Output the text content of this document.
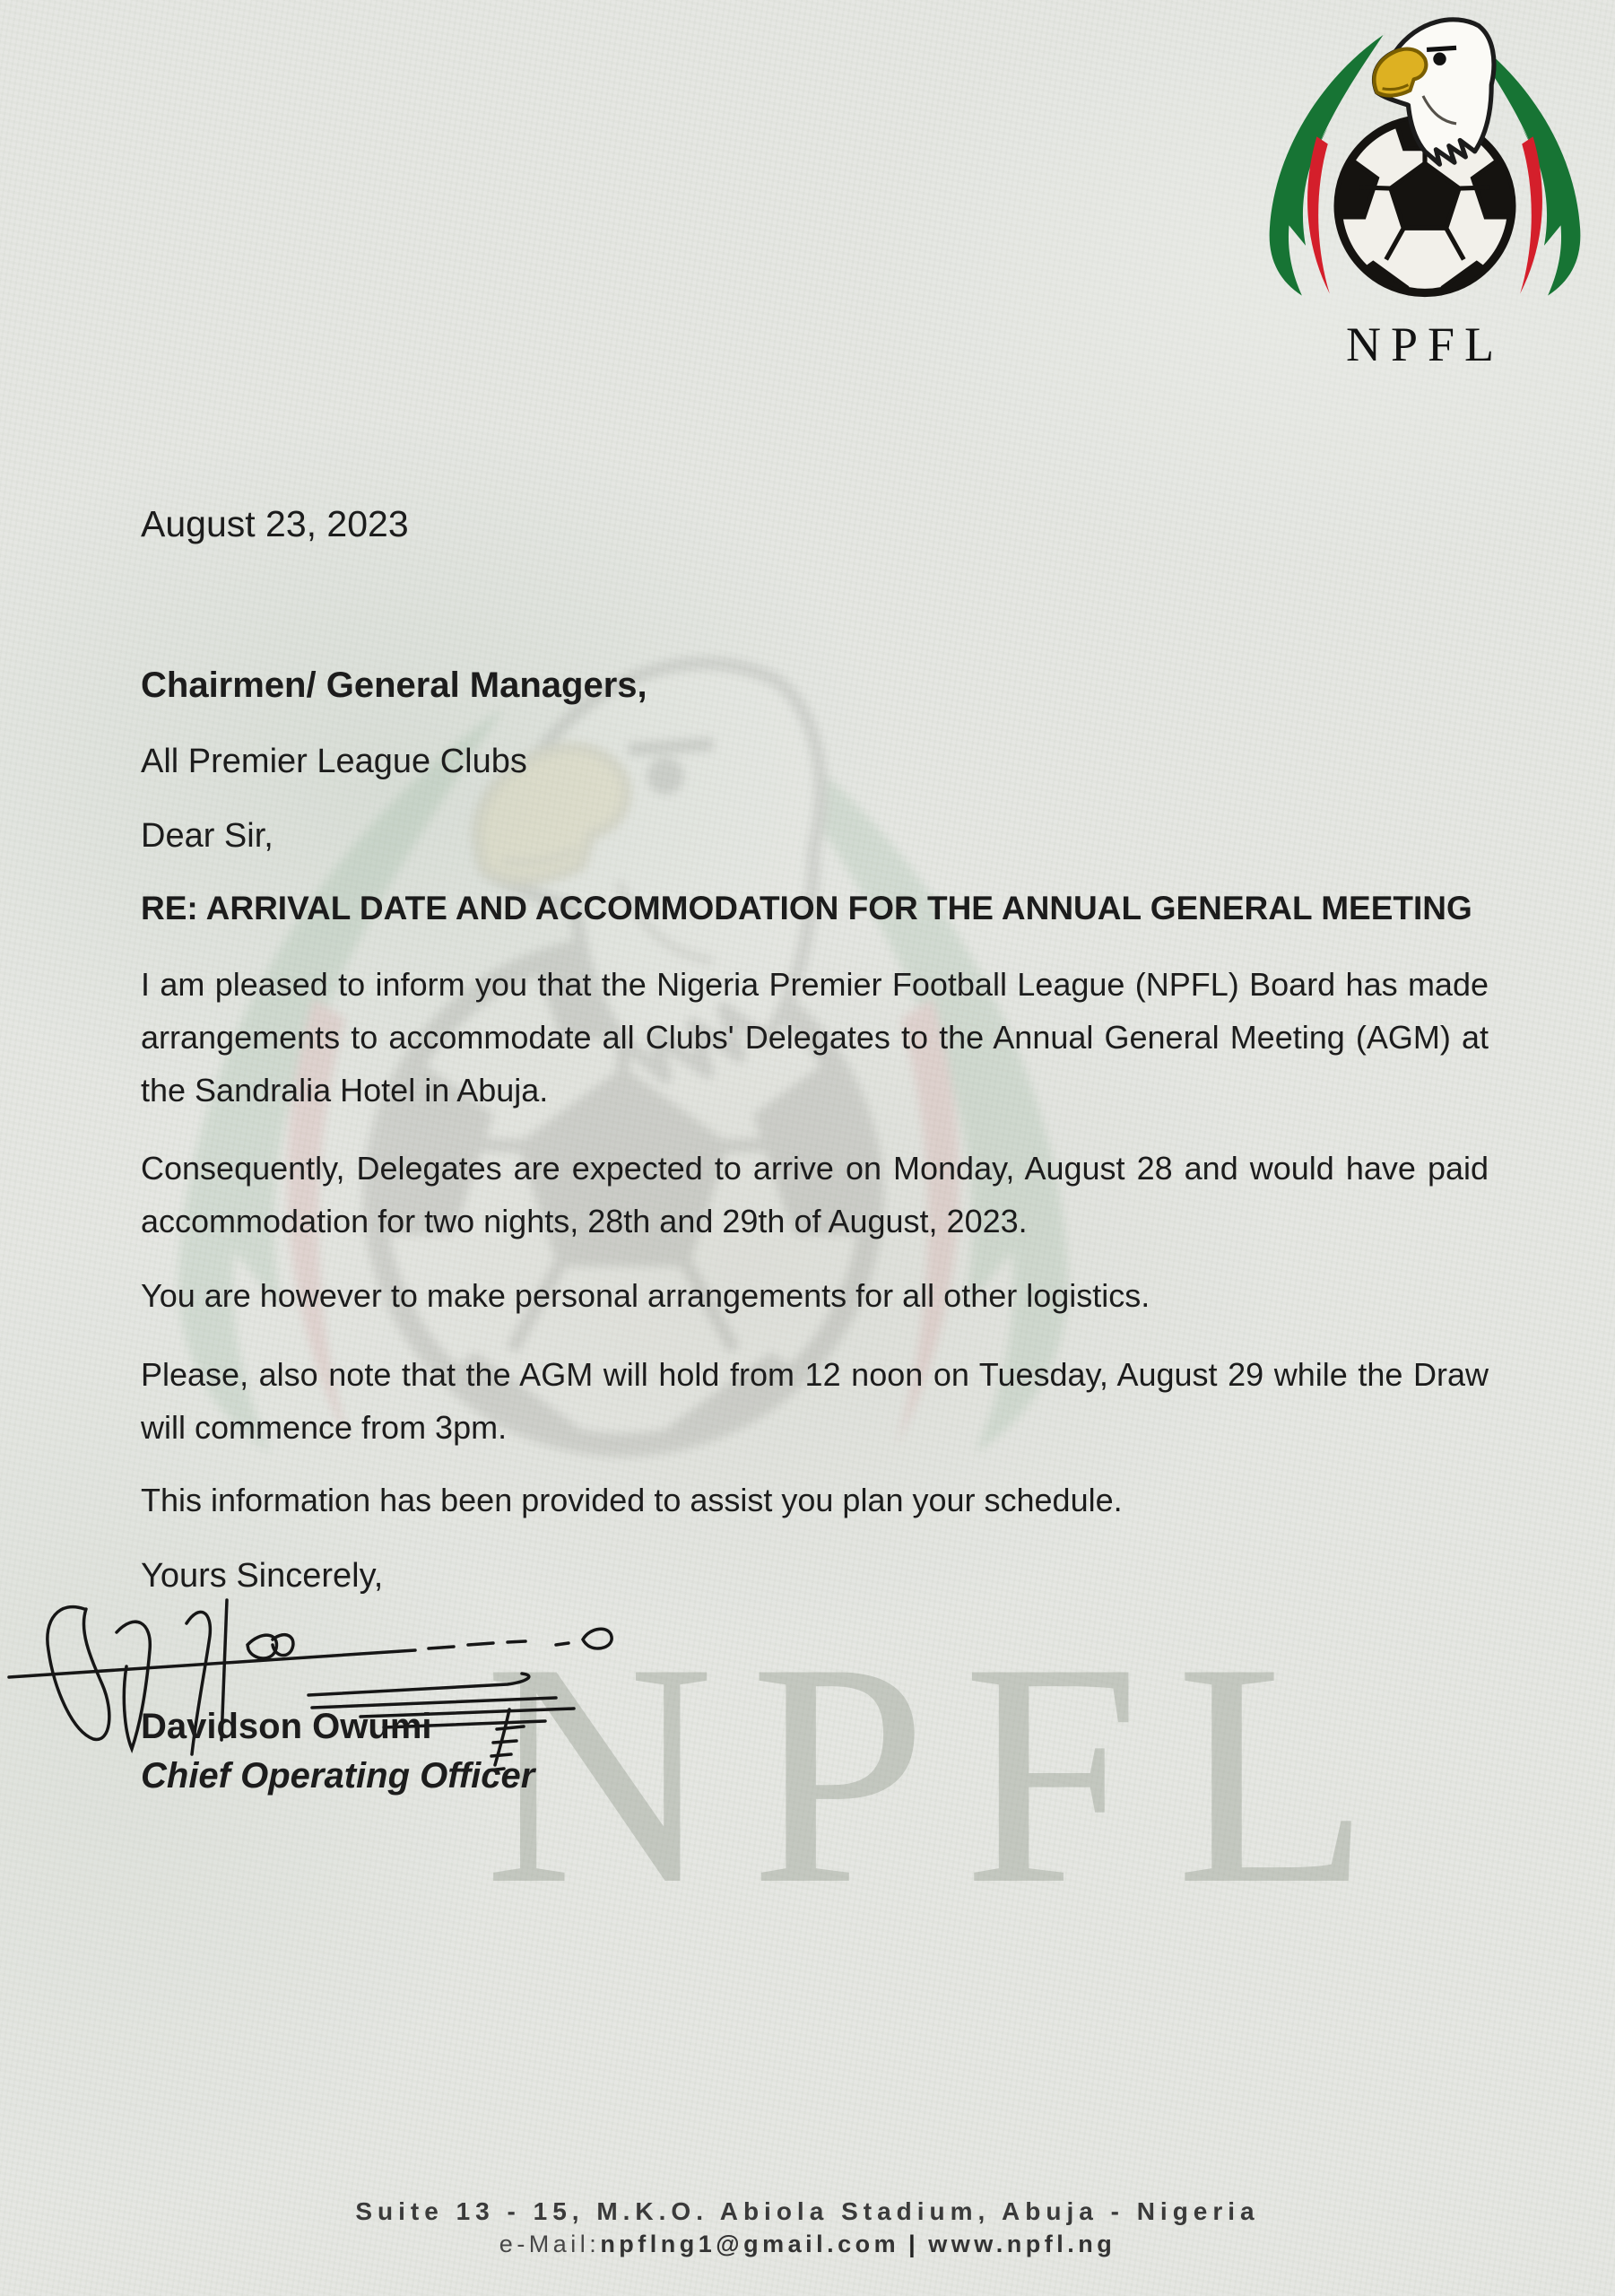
NPFL
NPFL
August 23, 2023
Chairmen/ General Managers,
All Premier League Clubs
Dear Sir,
RE: ARRIVAL DATE AND ACCOMMODATION FOR THE ANNUAL GENERAL MEETING

I am pleased to inform you that the Nigeria Premier Football League (NPFL) Board has made arrangements to accommodate all Clubs' Delegates to the Annual General Meeting (AGM) at the Sandralia Hotel in Abuja.

Consequently, Delegates are expected to arrive on Monday, August 28 and would have paid accommodation for two nights, 28th and 29th of August, 2023.

You are however to make personal arrangements for all other logistics.

Please, also note that the AGM will hold from 12 noon on Tuesday, August 29 while the Draw will commence from 3pm.

This information has been provided to assist you plan your schedule.

Yours Sincerely,
Davidson Owumi
Chief Operating Officer
Suite 13 - 15, M.K.O. Abiola Stadium, Abuja - Nigeria
e-Mail:npflng1@gmail.com | www.npfl.ng
